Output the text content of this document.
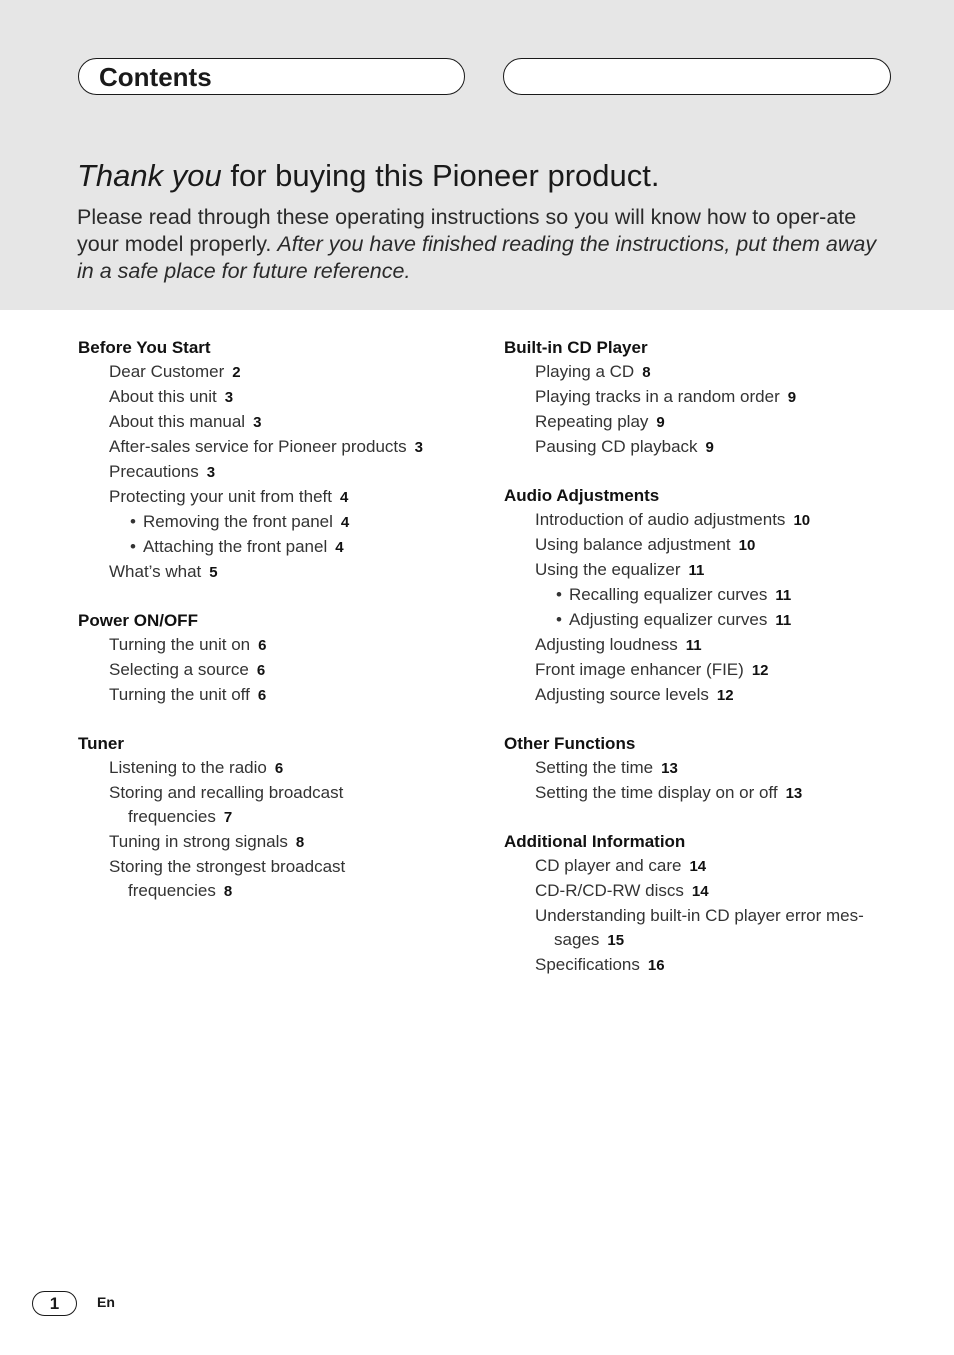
Contents
Thank you for buying this Pioneer product.
Please read through these operating instructions so you will know how to oper-ate your model properly. After you have finished reading the instructions, put them away in a safe place for future reference.
Before You Start
Dear Customer 2
About this unit 3
About this manual 3
After-sales service for Pioneer products 3
Precautions 3
Protecting your unit from theft 4
• Removing the front panel 4
• Attaching the front panel 4
What’s what 5
Power ON/OFF
Turning the unit on 6
Selecting a source 6
Turning the unit off 6
Tuner
Listening to the radio 6
Storing and recalling broadcast
frequencies 7
Tuning in strong signals 8
Storing the strongest broadcast
frequencies 8
Built-in CD Player
Playing a CD 8
Playing tracks in a random order 9
Repeating play 9
Pausing CD playback 9
Audio Adjustments
Introduction of audio adjustments 10
Using balance adjustment 10
Using the equalizer 11
• Recalling equalizer curves 11
• Adjusting equalizer curves 11
Adjusting loudness 11
Front image enhancer (FIE) 12
Adjusting source levels 12
Other Functions
Setting the time 13
Setting the time display on or off 13
Additional Information
CD player and care 14
CD-R/CD-RW discs 14
Understanding built-in CD player error mes-
sages 15
Specifications 16
1	En
